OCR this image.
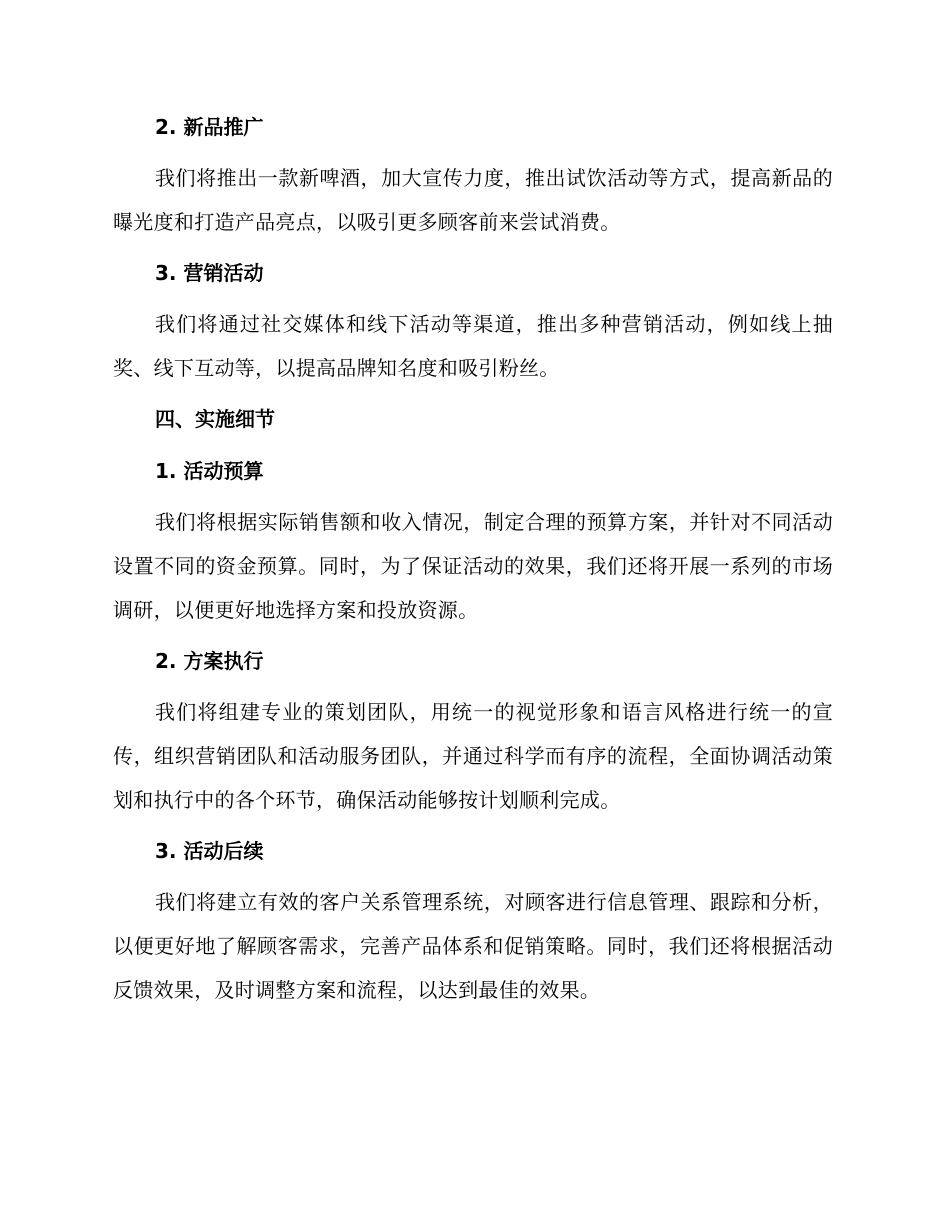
2. 新品推广

我们将推出一款新啤酒，加大宣传力度，推出试饮活动等方式，提高新品的曝光度和打造产品亮点，以吸引更多顾客前来尝试消费。

3. 营销活动

我们将通过社交媒体和线下活动等渠道，推出多种营销活动，例如线上抽奖、线下互动等，以提高品牌知名度和吸引粉丝。

四、实施细节
1. 活动预算

我们将根据实际销售额和收入情况，制定合理的预算方案，并针对不同活动设置不同的资金预算。同时，为了保证活动的效果，我们还将开展一系列的市场调研，以便更好地选择方案和投放资源。

2. 方案执行

我们将组建专业的策划团队，用统一的视觉形象和语言风格进行统一的宣传，组织营销团队和活动服务团队，并通过科学而有序的流程，全面协调活动策划和执行中的各个环节，确保活动能够按计划顺利完成。

3. 活动后续

我们将建立有效的客户关系管理系统，对顾客进行信息管理、跟踪和分析，以便更好地了解顾客需求，完善产品体系和促销策略。同时，我们还将根据活动反馈效果，及时调整方案和流程，以达到最佳的效果。
